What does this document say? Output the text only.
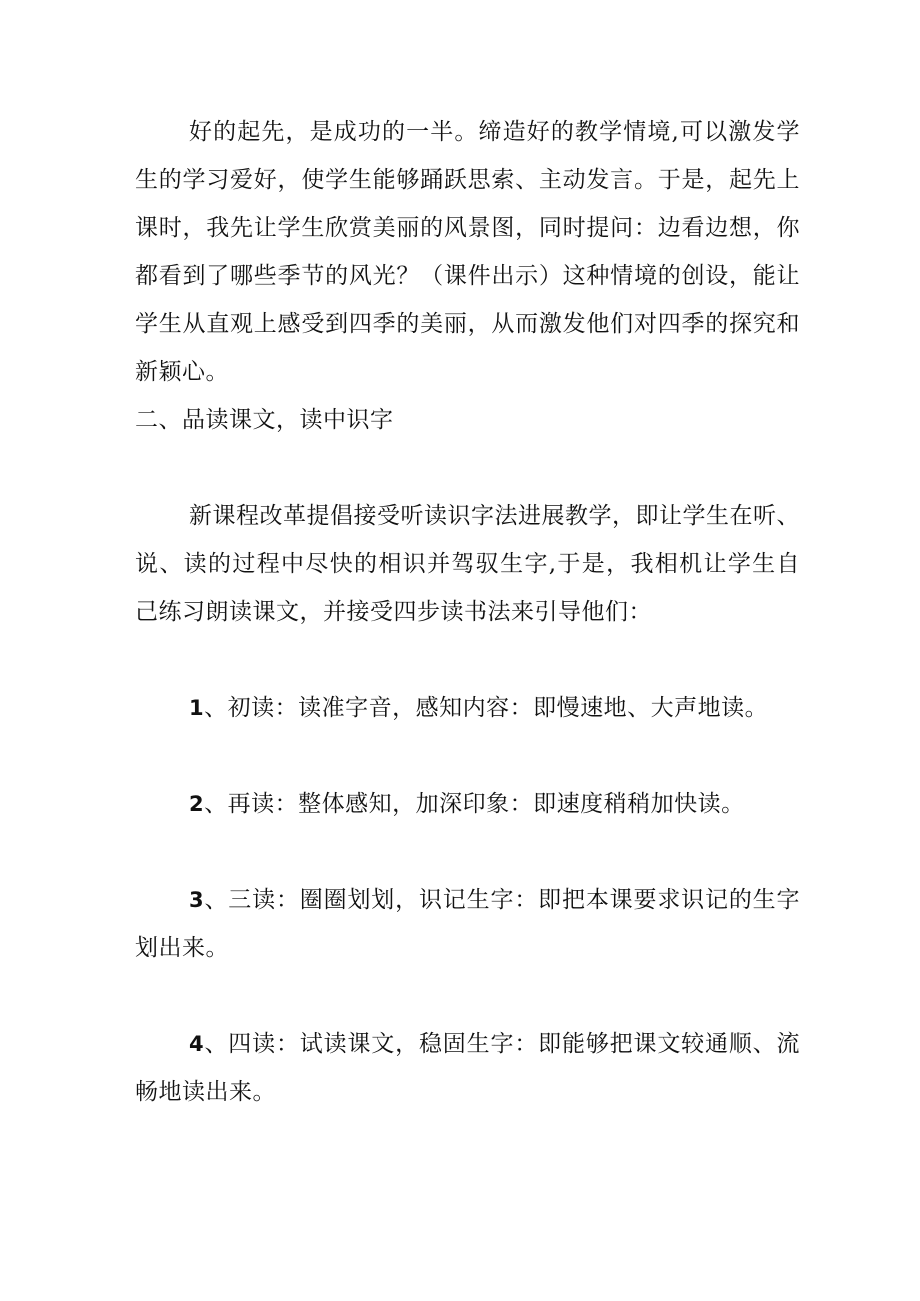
好的起先，是成功的一半。缔造好的教学情境,可以激发学生的学习爱好，使学生能够踊跃思索、主动发言。于是，起先上课时，我先让学生欣赏美丽的风景图，同时提问：边看边想，你都看到了哪些季节的风光？（课件出示）这种情境的创设，能让学生从直观上感受到四季的美丽，从而激发他们对四季的探究和新颖心。

二、品读课文，读中识字

新课程改革提倡接受听读识字法进展教学，即让学生在听、说、读的过程中尽快的相识并驾驭生字,于是，我相机让学生自己练习朗读课文，并接受四步读书法来引导他们：

1、初读：读准字音，感知内容：即慢速地、大声地读。

2、再读：整体感知，加深印象：即速度稍稍加快读。

3、三读：圈圈划划，识记生字：即把本课要求识记的生字划出来。

4、四读：试读课文，稳固生字：即能够把课文较通顺、流畅地读出来。
